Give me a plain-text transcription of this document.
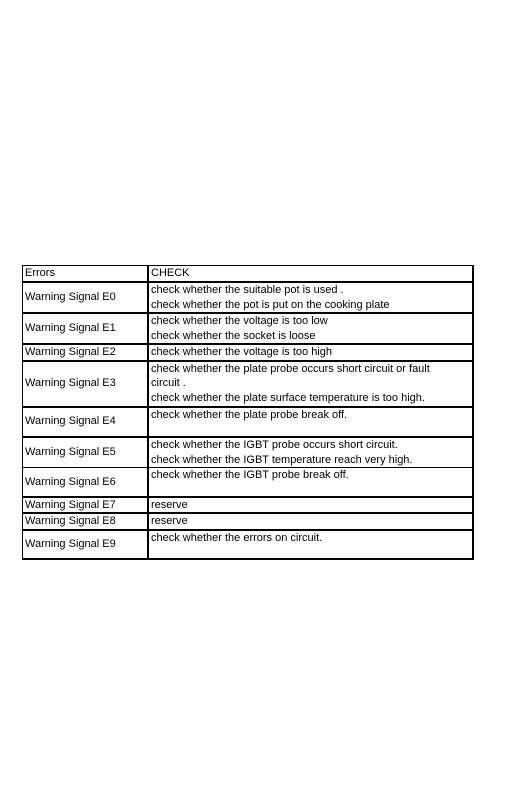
Errors	CHECK
Warning Signal E0	check whether the suitable pot is used .
check whether the pot is put on the cooking plate

Warning Signal E1	check whether the voltage is too low
check whether the socket is loose

Warning Signal E2	check whether the voltage is too high

Warning Signal E3	check whether the plate probe occurs short circuit or fault circuit .
check whether the plate surface temperature is too high.

Warning Signal E4	check whether the plate probe break off.

Warning Signal E5	check whether the IGBT probe occurs short circuit.
check whether the IGBT temperature reach very high.

Warning Signal E6	check whether the IGBT probe break off.

Warning Signal E7	reserve

Warning Signal E8	reserve

Warning Signal E9	check whether the errors on circuit.
